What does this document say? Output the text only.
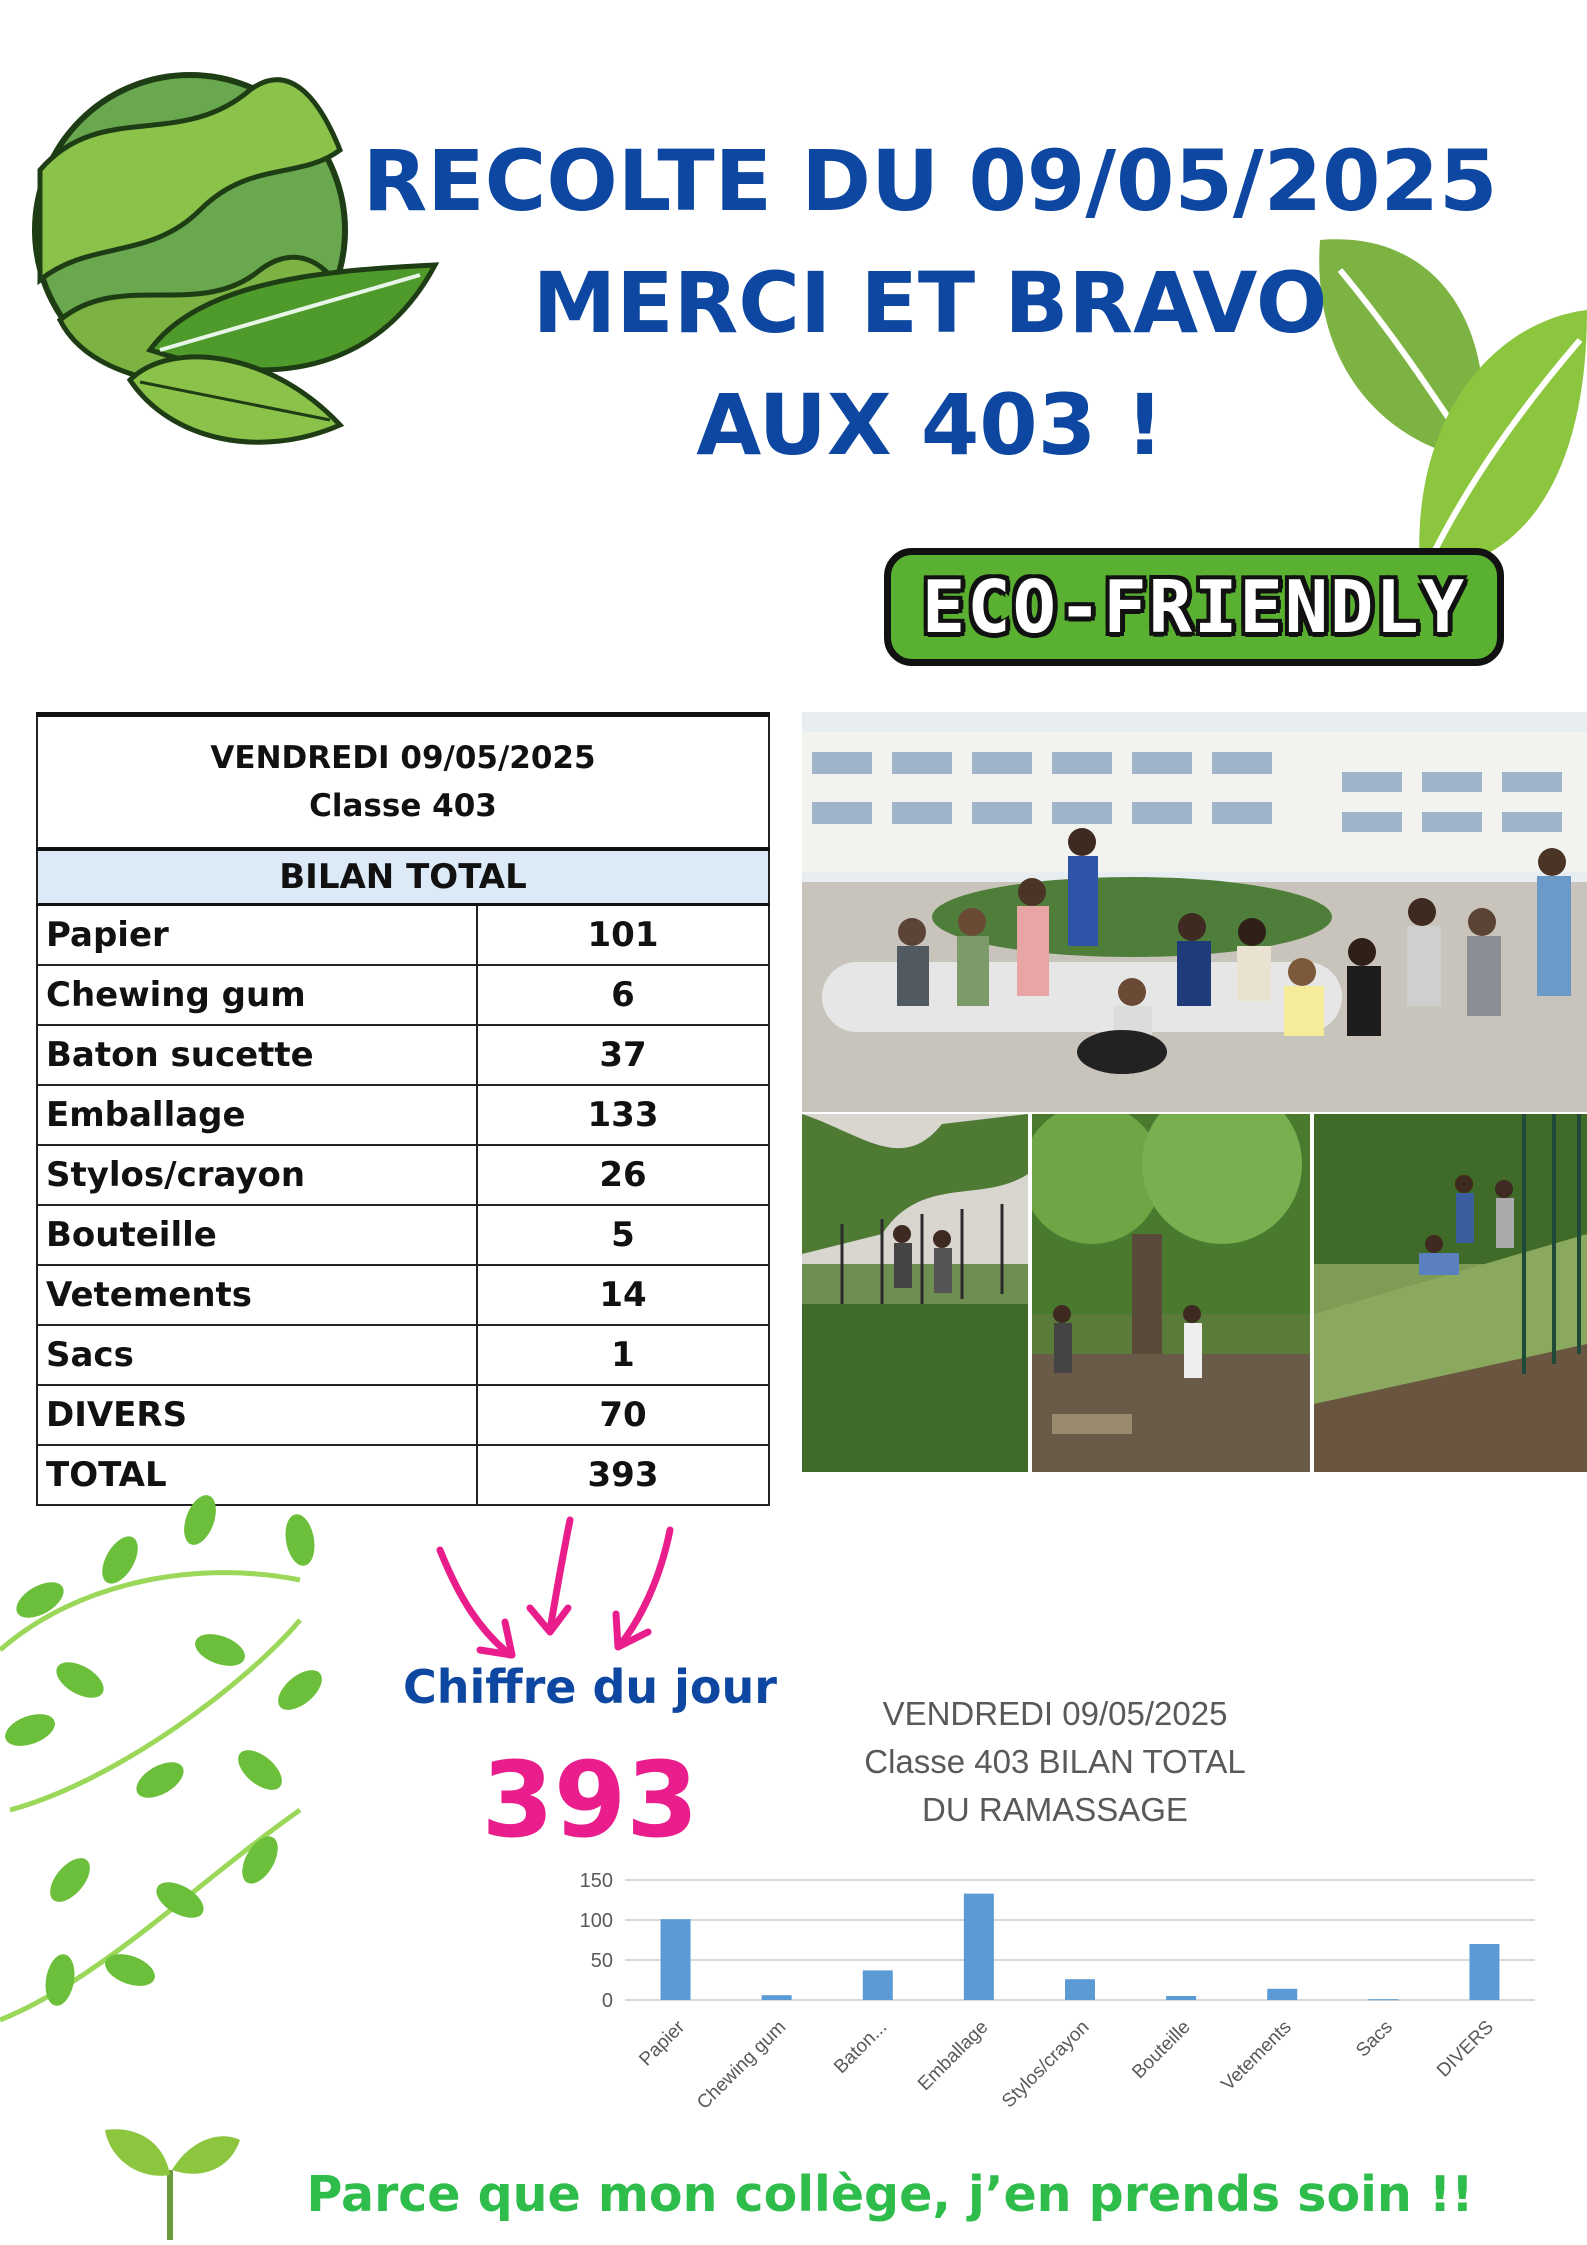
RECOLTE DU 09/05/2025
MERCI ET BRAVO
AUX 403 !
ECO-FRIENDLY
VENDREDI 09/05/2025
Classe 403	

BILAN TOTAL	
Papier	101
Chewing gum	6
Baton sucette	37
Emballage	133
Stylos/crayon	26
Bouteille	5
Vetements	14
Sacs	1
DIVERS	70
TOTAL	393
Chiffre du jour
393
VENDREDI 09/05/2025
Classe 403 BILAN TOTAL
DU RAMASSAGE
150
100
50
0
Papier Chewing gum Baton... Emballage Stylos/crayon Bouteille Vetements	Sacs DIVERS
Parce que mon collège, j’en prends soin !!
